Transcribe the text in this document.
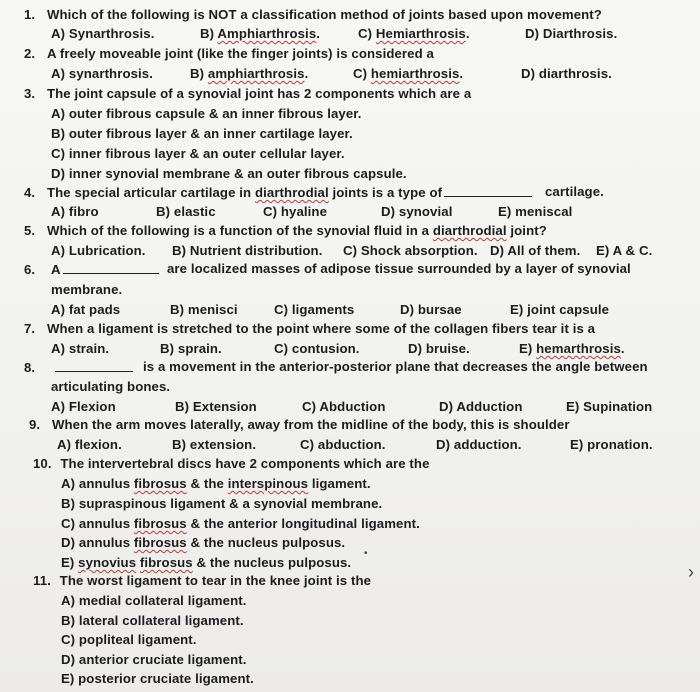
1. Which of the following is NOT a classification method of joints based upon movement?
A) Synarthrosis.	B) Amphiarthrosis.	C) Hemiarthrosis.	D) Diarthrosis.
2. A freely moveable joint (like the finger joints) is considered a
A) synarthrosis.	B) amphiarthrosis.	C) hemiarthrosis.	D) diarthrosis.
3. The joint capsule of a synovial joint has 2 components which are a
A) outer fibrous capsule & an inner fibrous layer.
B) outer fibrous layer & an inner cartilage layer.
C) inner fibrous layer & an outer cellular layer.
D) inner synovial membrane & an outer fibrous capsule.
4. The special articular cartilage in diarthrodial joints is a type of	cartilage.
A) fibro	B) elastic	C) hyaline	D) synovial	E) meniscal
5. Which of the following is a function of the synovial fluid in a diarthrodial joint?
A) Lubrication. B) Nutrient distribution. C) Shock absorption. D) All of them. E) A & C.
6. A	are localized masses of adipose tissue surrounded by a layer of synovial
membrane.
A) fat pads	B) menisci	C) ligaments	D) bursae	E) joint capsule
7. When a ligament is stretched to the point where some of the collagen fibers tear it is a
A) strain.	B) sprain.	C) contusion.	D) bruise.	E) hemarthrosis.
8.	is a movement in the anterior-posterior plane that decreases the angle between
articulating bones.
A) Flexion	B) Extension	C) Abduction	D) Adduction	E) Supination
9. When the arm moves laterally, away from the midline of the body, this is shoulder
A) flexion.	B) extension.	C) abduction.	D) adduction.	E) pronation.
10. The intervertebral discs have 2 components which are the
A) annulus fibrosus & the interspinous ligament.
B) supraspinous ligament & a synovial membrane.
C) annulus fibrosus & the anterior longitudinal ligament.
D) annulus fibrosus & the nucleus pulposus.
E) synovius fibrosus & the nucleus pulposus.
11. The worst ligament to tear in the knee joint is the
A) medial collateral ligament.
B) lateral collateral ligament.
C) popliteal ligament.
D) anterior cruciate ligament.
E) posterior cruciate ligament.
•
›
